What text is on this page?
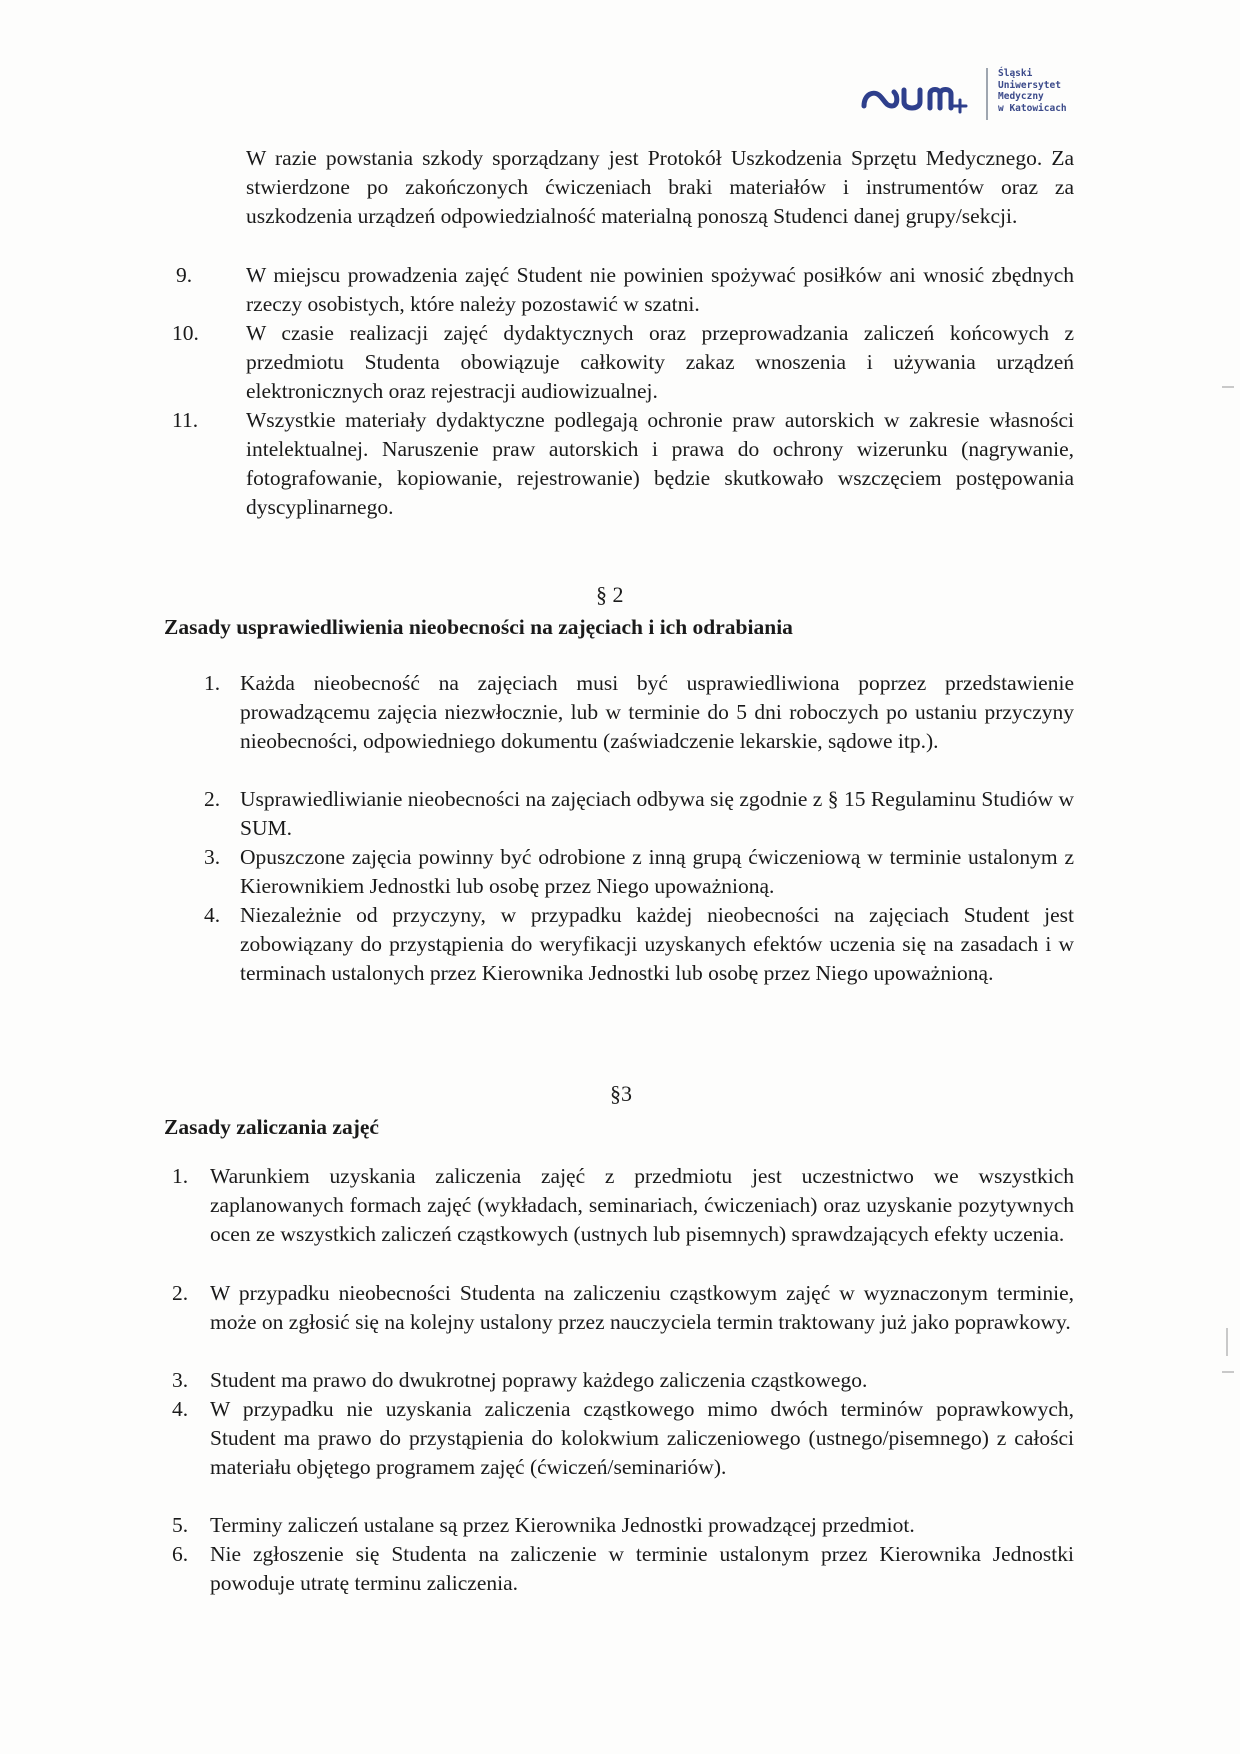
Śląski
Uniwersytet
Medyczny
w Katowicach
W razie powstania szkody sporządzany jest Protokół Uszkodzenia Sprzętu Medycznego. Za stwierdzone po zakończonych ćwiczeniach braki materiałów i instrumentów oraz za uszkodzenia urządzeń odpowiedzialność materialną ponoszą Studenci danej grupy/sekcji.
9.	W miejscu prowadzenia zajęć Student nie powinien spożywać posiłków ani wnosić zbędnych rzeczy osobistych, które należy pozostawić w szatni.
10. W czasie realizacji zajęć dydaktycznych oraz przeprowadzania zaliczeń końcowych z przedmiotu Studenta obowiązuje całkowity zakaz wnoszenia i używania urządzeń elektronicznych oraz rejestracji audiowizualnej.
11. Wszystkie materiały dydaktyczne podlegają ochronie praw autorskich w zakresie własności intelektualnej. Naruszenie praw autorskich i prawa do ochrony wizerunku (nagrywanie, fotografowanie, kopiowanie, rejestrowanie) będzie skutkowało wszczęciem postępowania dyscyplinarnego.
§ 2
Zasady usprawiedliwienia nieobecności na zajęciach i ich odrabiania
1. Każda nieobecność na zajęciach musi być usprawiedliwiona poprzez przedstawienie prowadzącemu zajęcia niezwłocznie, lub w terminie do 5 dni roboczych po ustaniu przyczyny nieobecności, odpowiedniego dokumentu (zaświadczenie lekarskie, sądowe itp.).
2. Usprawiedliwianie nieobecności na zajęciach odbywa się zgodnie z § 15 Regulaminu Studiów w SUM.
3. Opuszczone zajęcia powinny być odrobione z inną grupą ćwiczeniową w terminie ustalonym z Kierownikiem Jednostki lub osobę przez Niego upoważnioną.
4. Niezależnie od przyczyny, w przypadku każdej nieobecności na zajęciach Student jest zobowiązany do przystąpienia do weryfikacji uzyskanych efektów uczenia się na zasadach i w terminach ustalonych przez Kierownika Jednostki lub osobę przez Niego upoważnioną.
§3
Zasady zaliczania zajęć
1. Warunkiem uzyskania zaliczenia zajęć z przedmiotu jest uczestnictwo we wszystkich zaplanowanych formach zajęć (wykładach, seminariach, ćwiczeniach) oraz uzyskanie pozytywnych ocen ze wszystkich zaliczeń cząstkowych (ustnych lub pisemnych) sprawdzających efekty uczenia.
2. W przypadku nieobecności Studenta na zaliczeniu cząstkowym zajęć w wyznaczonym terminie, może on zgłosić się na kolejny ustalony przez nauczyciela termin traktowany już jako poprawkowy.
3. Student ma prawo do dwukrotnej poprawy każdego zaliczenia cząstkowego.
4. W przypadku nie uzyskania zaliczenia cząstkowego mimo dwóch terminów poprawkowych, Student ma prawo do przystąpienia do kolokwium zaliczeniowego (ustnego/pisemnego) z całości materiału objętego programem zajęć (ćwiczeń/seminariów).
5. Terminy zaliczeń ustalane są przez Kierownika Jednostki prowadzącej przedmiot.
6. Nie zgłoszenie się Studenta na zaliczenie w terminie ustalonym przez Kierownika Jednostki powoduje utratę terminu zaliczenia.
